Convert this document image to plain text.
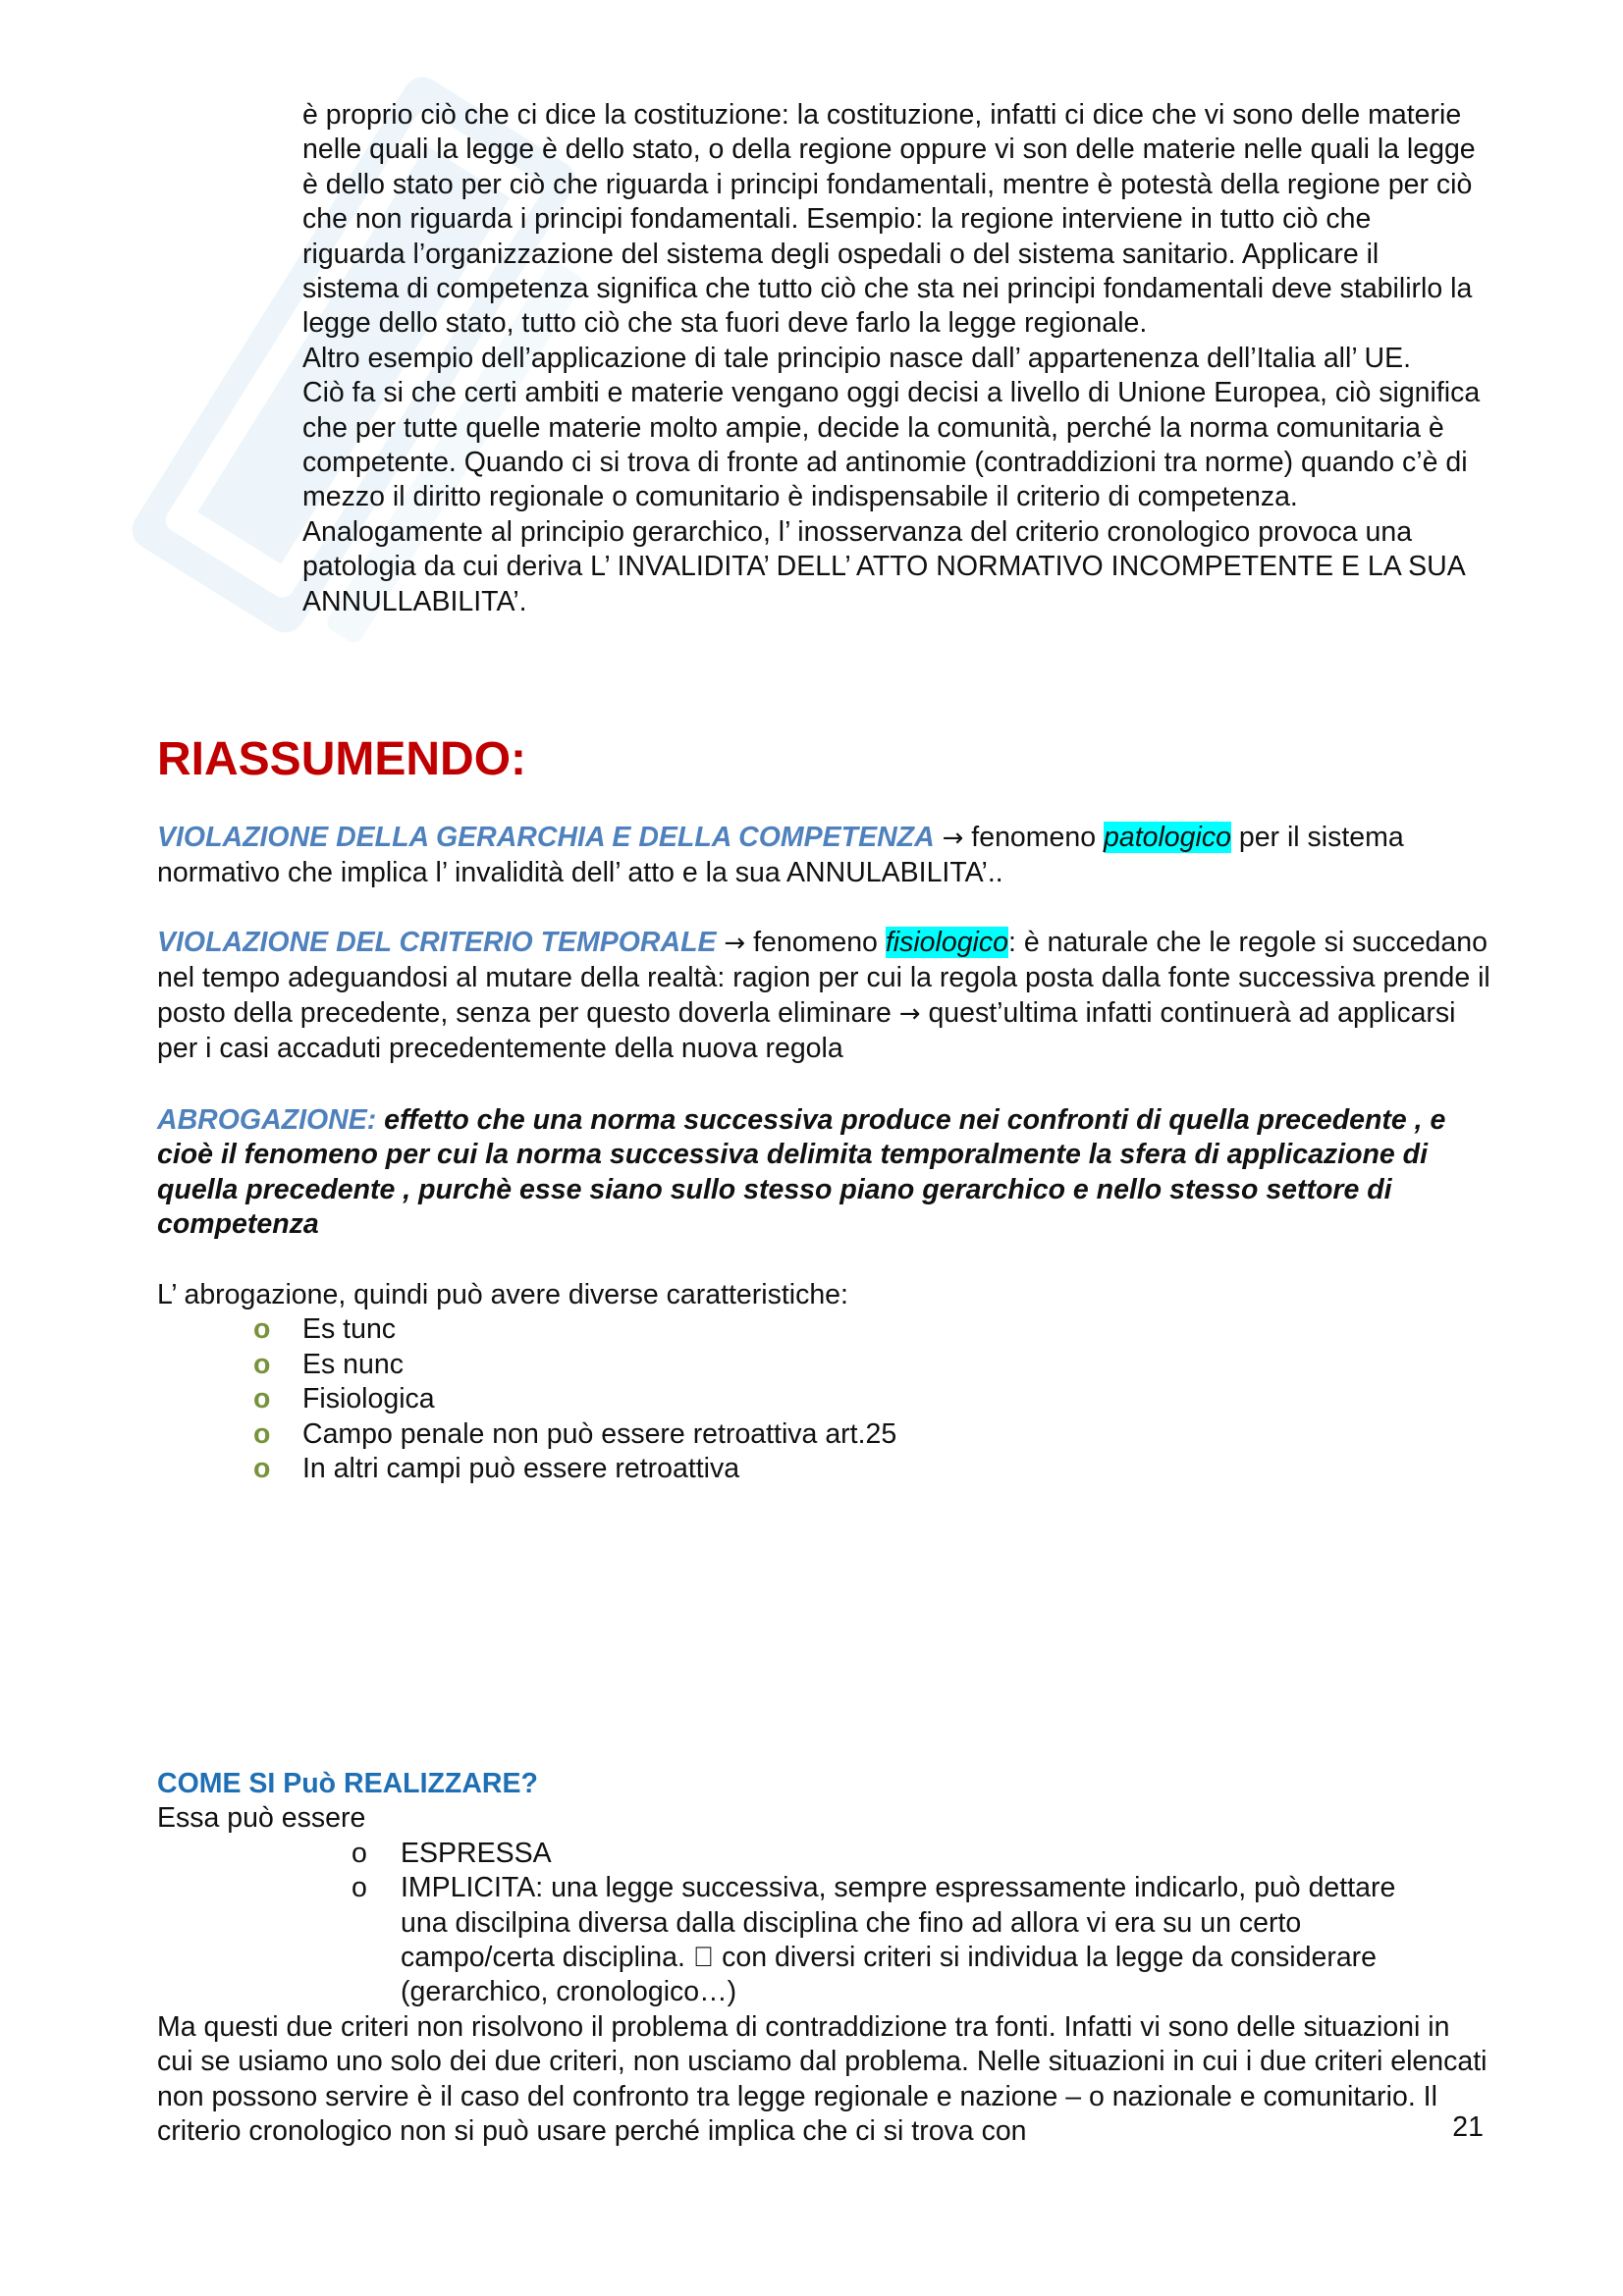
è proprio ciò che ci dice la costituzione: la costituzione, infatti ci dice che vi sono delle materie nelle quali la legge è dello stato, o della regione oppure vi son delle materie nelle quali la legge è dello stato per ciò che riguarda i principi fondamentali, mentre è potestà della regione per ciò che non riguarda i principi fondamentali. Esempio: la regione interviene in tutto ciò che riguarda l’organizzazione del sistema degli ospedali o del sistema sanitario. Applicare il sistema di competenza significa che tutto ciò che sta nei principi fondamentali deve stabilirlo la legge dello stato, tutto ciò che sta fuori deve farlo la legge regionale.

Altro esempio dell’applicazione di tale principio nasce dall’ appartenenza dell’Italia all’ UE.

Ciò fa si che certi ambiti e materie vengano oggi decisi a livello di Unione Europea, ciò significa che per tutte quelle materie molto ampie, decide la comunità, perché la norma comunitaria è competente. Quando ci si trova di fronte ad antinomie (contraddizioni tra norme) quando c’è di mezzo il diritto regionale o comunitario è indispensabile il criterio di competenza.

Analogamente al principio gerarchico, l’ inosservanza del criterio cronologico provoca una patologia da cui deriva L’ INVALIDITA’ DELL’ ATTO NORMATIVO INCOMPETENTE E LA SUA ANNULLABILITA’.

RIASSUMENDO:

VIOLAZIONE DELLA GERARCHIA E DELLA COMPETENZA → fenomeno patologico per il sistema normativo che implica l’ invalidità dell’ atto e la sua ANNULABILITA’..

VIOLAZIONE DEL CRITERIO TEMPORALE → fenomeno fisiologico: è naturale che le regole si succedano nel tempo adeguandosi al mutare della realtà: ragion per cui la regola posta dalla fonte successiva prende il posto della precedente, senza per questo doverla eliminare → quest’ultima infatti continuerà ad applicarsi per i casi accaduti precedentemente della nuova regola

ABROGAZIONE: effetto che una norma successiva produce nei confronti di quella precedente , e cioè il fenomeno per cui la norma successiva delimita temporalmente la sfera di applicazione di quella precedente , purchè esse siano sullo stesso piano gerarchico e nello stesso settore di competenza

L’ abrogazione, quindi può avere diverse caratteristiche:

o Es tunc
o Es nunc
o Fisiologica
o Campo penale non può essere retroattiva art.25
o In altri campi può essere retroattiva

COME SI Può REALIZZARE?

Essa può essere

o ESPRESSA
o IMPLICITA: una legge successiva, sempre espressamente indicarlo, può dettare una discilpina diversa dalla disciplina che fino ad allora vi era su un certo campo/certa disciplina. con diversi criteri si individua la legge da considerare (gerarchico, cronologico…)

Ma questi due criteri non risolvono il problema di contraddizione tra fonti. Infatti vi sono delle situazioni in cui se usiamo uno solo dei due criteri, non usciamo dal problema. Nelle situazioni in cui i due criteri elencati non possono servire è il caso del confronto tra legge regionale e nazione – o nazionale e comunitario. Il criterio cronologico non si può usare perché implica che ci si trova con	21
